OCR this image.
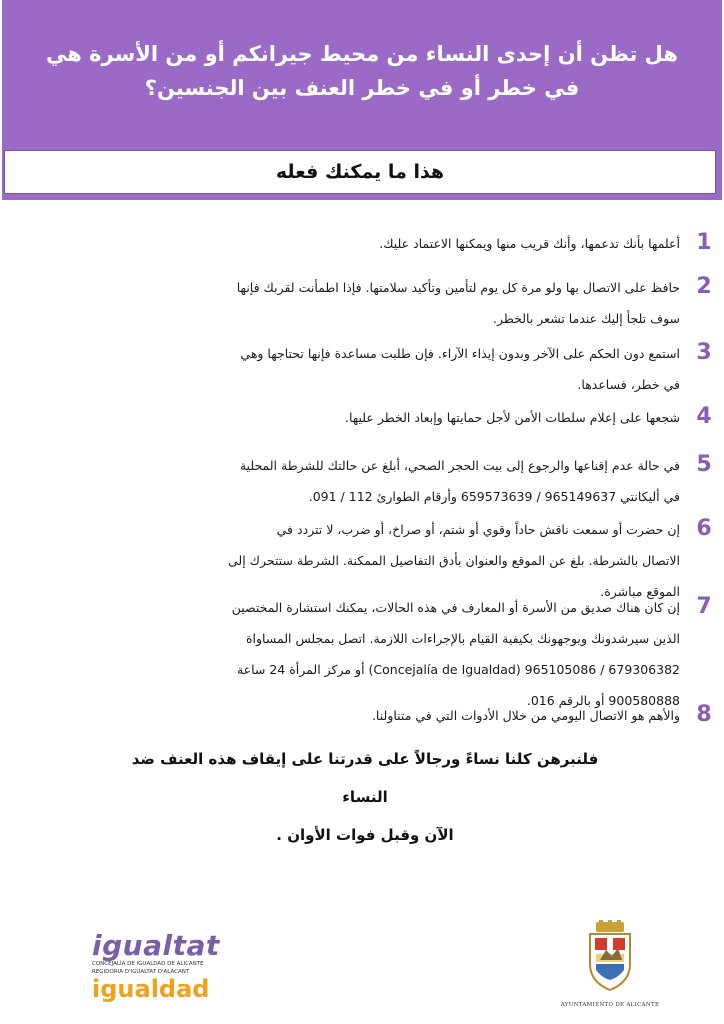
هل تظن أن إحدى النساء من محيط جيرانكم أو من الأسرة هي في خطر أو في خطر العنف بين الجنسين؟
هذا ما يمكنك فعله
1
أعلمها بأنك تدعمها، وأنك قريب منها ويمكنها الاعتماد عليك.
2
حافظ على الاتصال بها ولو مرة كل يوم لتأمين وتأكيد سلامتها. فإذا اطمأنت لقربك فإنها
سوف تلجأ إليك عندما تشعر بالخطر.
3
استمع دون الحكم على الآخر وبدون إيذاء الآراء. فإن طلبت مساعدة فإنها تحتاجها وهي
في خطر، فساعدها.
4
شجعها على إعلام سلطات الأمن لأجل حمايتها وإبعاد الخطر عليها.
5
في حالة عدم إقناعها والرجوع إلى بيت الحجر الصحي، أبلغ عن حالتك للشرطة المحلية
في أليكانتي 965149637 / 659573639 وأرقام الطوارئ 112 / 091.
6
إن حضرت أو سمعت ناقش حاداً وقوي أو شتم، أو صراخ، أو ضرب، لا تتردد في
الاتصال بالشرطة. بلغ عن الموقع والعنوان بأدق التفاصيل الممكنة. الشرطة ستتحرك إلى
الموقع مباشرة.
7
إن كان هناك صديق من الأسرة أو المعارف في هذه الحالات، يمكنك استشارة المختصين
الذين سيرشدونك ويوجهونك بكيفية القيام بالإجراءات اللازمة. اتصل بمجلس المساواة
679306382 / 965105086 (Concejalía de Igualdad) أو مركز المرأة 24 ساعة
900580888 أو بالرقم 016.
8
والأهم هو الاتصال اليومي من خلال الأدوات التي في متناولنا.
فلنبرهن كلنا نساءً ورجالاً على قدرتنا على إيقاف هذه العنف ضد النساء
الآن وقبل فوات الأوان .
igualtat
CONCEJALÍA DE IGUALDAD DE ALICANTE
REGIDORIA D'IGUALTAT D'ALACANT
igualdad
AYUNTAMIENTO DE ALICANTE
